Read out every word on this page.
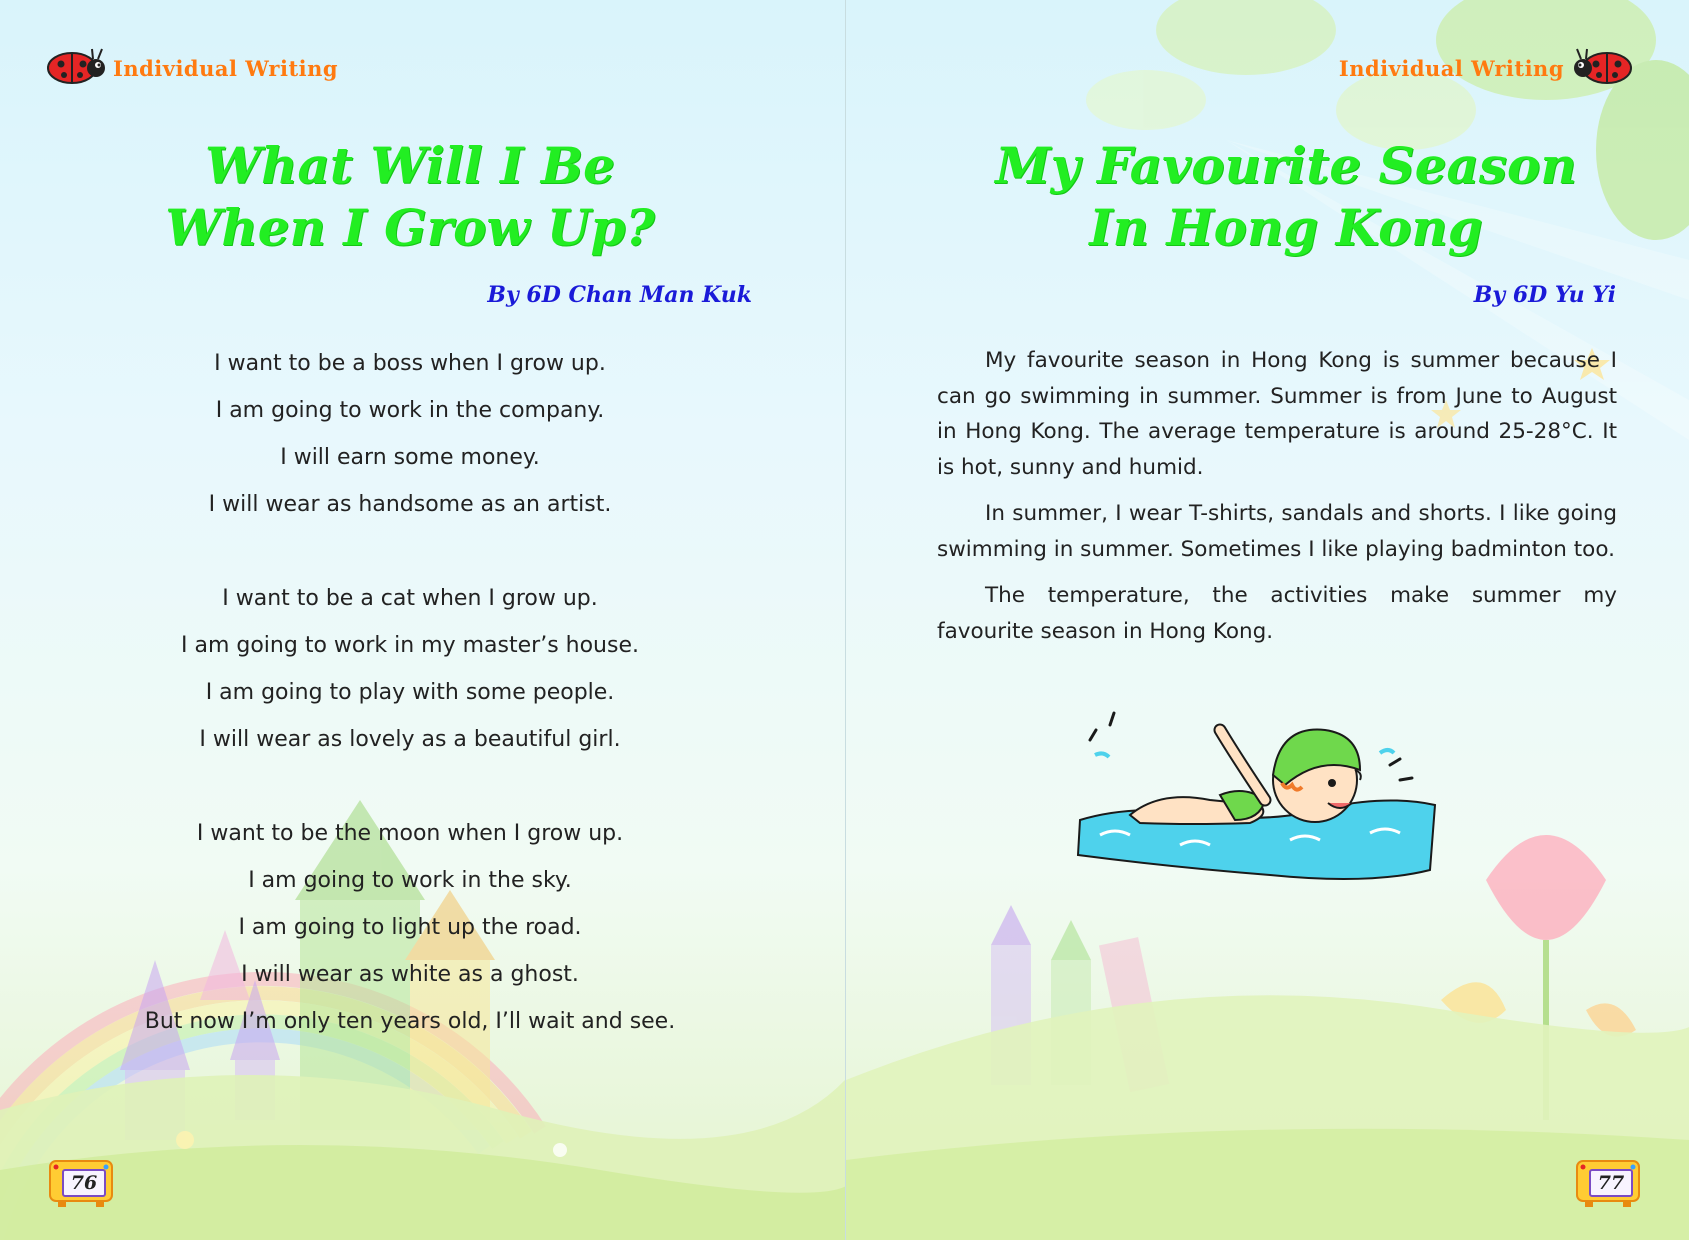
Individual Writing
What Will I Be
When I Grow Up?
By 6D Chan Man Kuk
I want to be a boss when I grow up.
I am going to work in the company.
I will earn some money.
I will wear as handsome as an artist.
I want to be a cat when I grow up.
I am going to work in my master’s house.
I am going to play with some people.
I will wear as lovely as a beautiful girl.
I want to be the moon when I grow up.
I am going to work in the sky.
I am going to light up the road.
I will wear as white as a ghost.
But now I’m only ten years old, I’ll wait and see.
76
Individual Writing
My Favourite Season
In Hong Kong
By 6D Yu Yi

My favourite season in Hong Kong is summer because I can go swimming in summer. Summer is from June to August in Hong Kong. The average temperature is around 25-28°C. It is hot, sunny and humid.

In summer, I wear T-shirts, sandals and shorts. I like going swimming in summer. Sometimes I like playing badminton too.

The temperature, the activities make summer my favourite season in Hong Kong.

77
